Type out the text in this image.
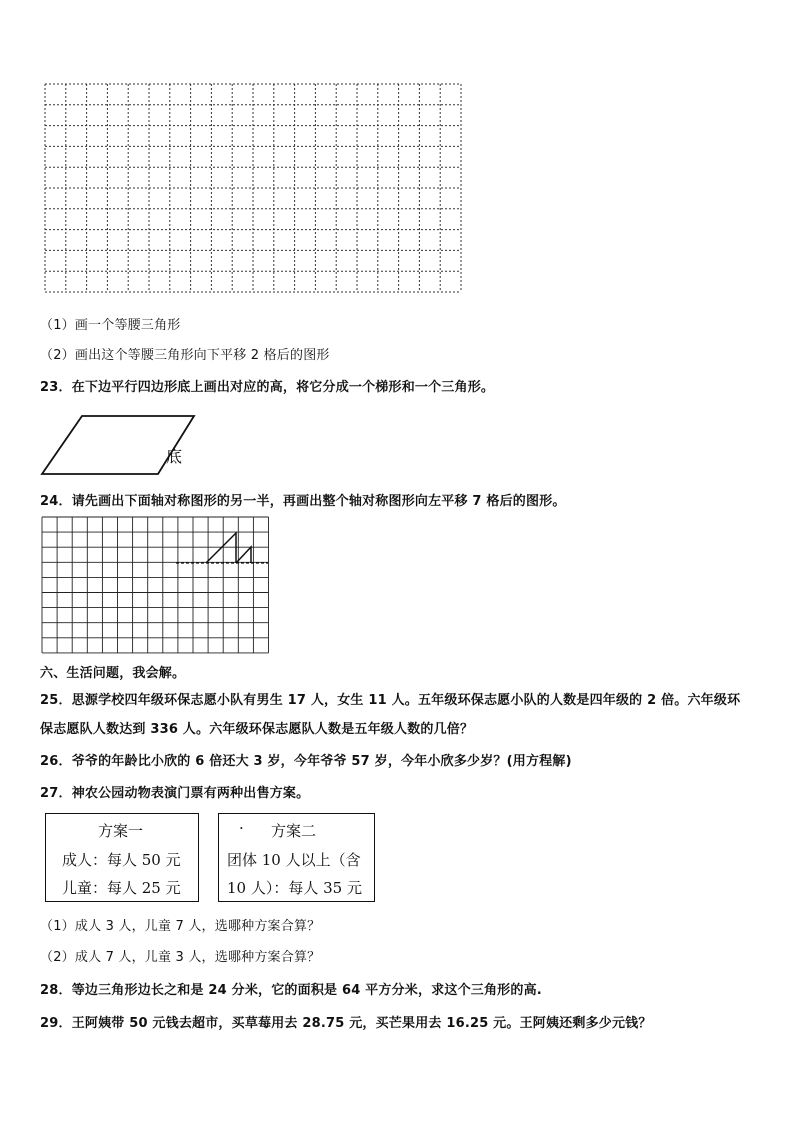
（1）画一个等腰三角形
（2）画出这个等腰三角形向下平移 2 格后的图形
23．在下边平行四边形底上画出对应的高，将它分成一个梯形和一个三角形。
底
24．请先画出下面轴对称图形的另一半，再画出整个轴对称图形向左平移 7 格后的图形。
六、生活问题，我会解。
25．思源学校四年级环保志愿小队有男生 17 人，女生 11 人。五年级环保志愿小队的人数是四年级的 2 倍。六年级环
保志愿队人数达到 336 人。六年级环保志愿队人数是五年级人数的几倍？
26．爷爷的年龄比小欣的 6 倍还大 3 岁，今年爷爷 57 岁，今年小欣多少岁？(用方程解)
27．神农公园动物表演门票有两种出售方案。
方案一
成人：每人 50 元
儿童：每人 25 元
· 方案二
团体 10 人以上（含
10 人）：每人 35 元
（1）成人 3 人，儿童 7 人，选哪种方案合算？
（2）成人 7 人，儿童 3 人，选哪种方案合算？
28．等边三角形边长之和是 24 分米，它的面积是 64 平方分米，求这个三角形的高.
29．王阿姨带 50 元钱去超市，买草莓用去 28.75 元，买芒果用去 16.25 元。王阿姨还剩多少元钱？
